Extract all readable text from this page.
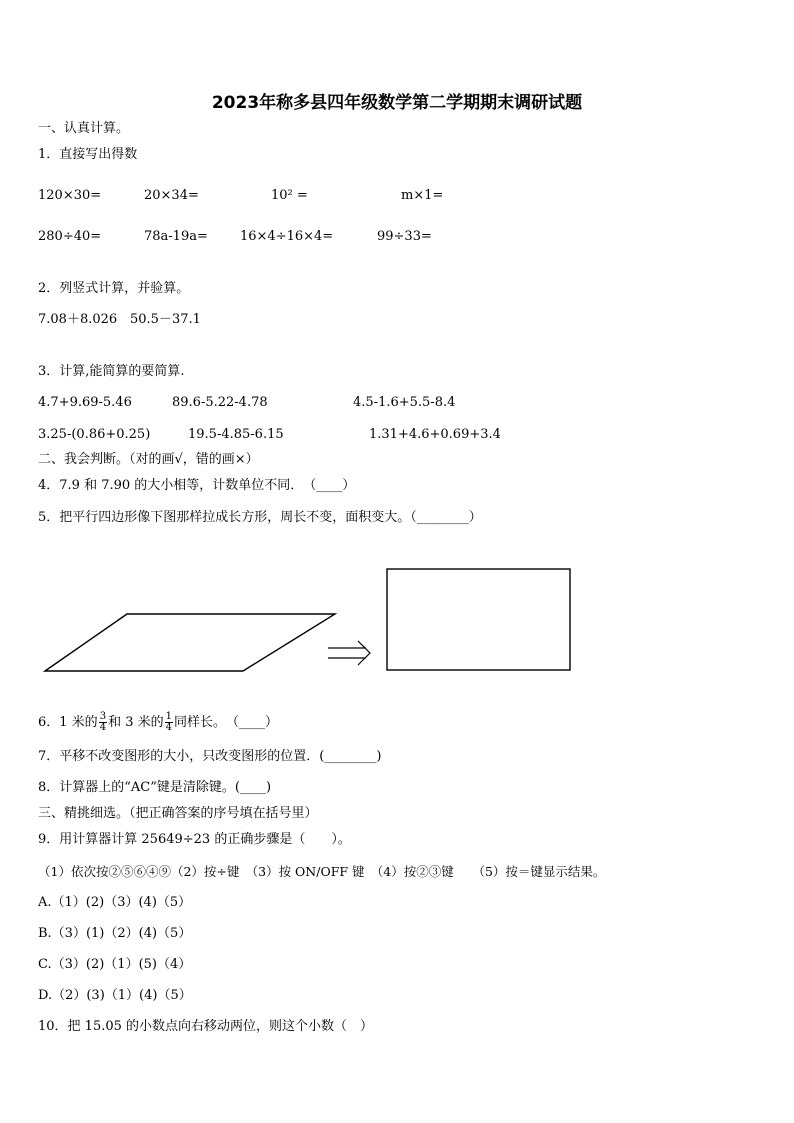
2023年称多县四年级数学第二学期期末调研试题
一、认真计算。
1．直接写出得数
120×30=	20×34=	10² =	m×1=
280÷40=	78a-19a= 16×4÷16×4=	99÷33=
2．列竖式计算，并验算。
7.08＋8.026 50.5－37.1
3．计算,能简算的要简算.
4.7+9.69-5.46	89.6-5.22-4.78	4.5-1.6+5.5-8.4
3.25-(0.86+0.25)	19.5-4.85-6.15	1.31+4.6+0.69+3.4
二、我会判断。（对的画√，错的画×）
4．7.9 和 7.90 的大小相等，计数单位不同．　（____）
5．把平行四边形像下图那样拉成长方形，周长不变，面积变大。（________）
6．1 米的 $\frac{3}{4}$ 和 3 米的 $\frac{1}{4}$ 同样长。　（____）
7．平移不改变图形的大小，只改变图形的位置．(________)
8．计算器上的“AC”键是清除键。(____)
三、精挑细选。（把正确答案的序号填在括号里）
9．用计算器计算 25649÷23 的正确步骤是（　　）。
（1）依次按②⑤⑥④⑨（2）按÷键　（3）按 ON/OFF 键　（4）按②③键　　（5）按＝键显示结果。
A.（1）(2)（3）(4)（5）
B.（3）(1)（2）(4)（5）
C.（3）(2)（1）(5)（4）
D.（2）(3)（1）(4)（5）
10．把 15.05 的小数点向右移动两位，则这个小数（　）
